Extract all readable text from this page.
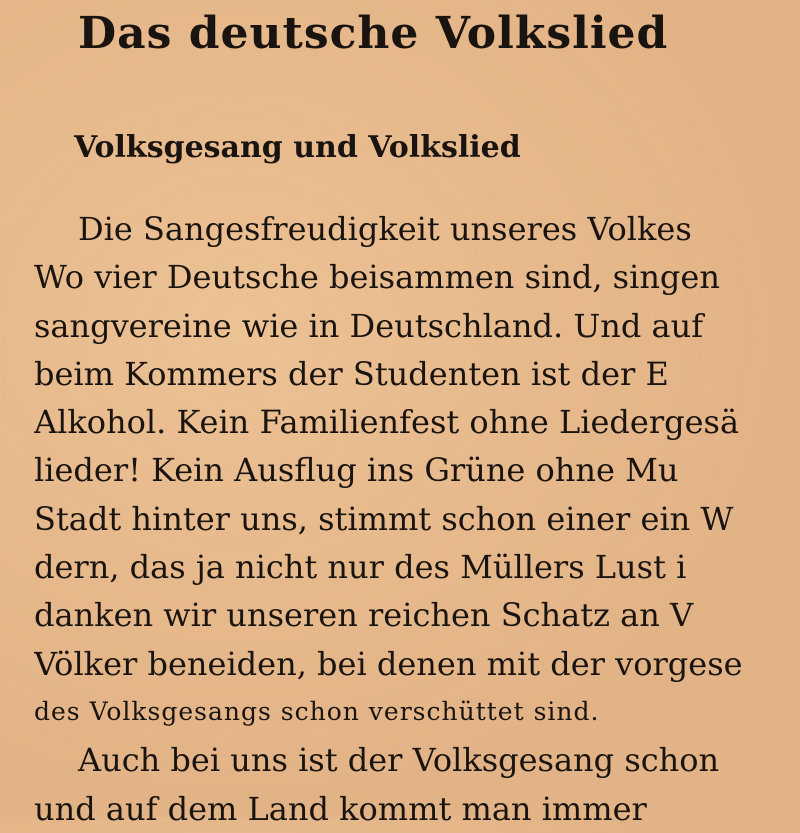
Das deutsche Volkslied
Volksgesang und Volkslied
Die Sangesfreudigkeit unseres Volkes
Wo vier Deutsche beisammen sind, singen
sangvereine wie in Deutschland. Und auf
beim Kommers der Studenten ist der E
Alkohol. Kein Familienfest ohne Liedergesä
lieder! Kein Ausflug ins Grüne ohne Mu
Stadt hinter uns, stimmt schon einer ein W
dern, das ja nicht nur des Müllers Lust i
danken wir unseren reichen Schatz an V
Völker beneiden, bei denen mit der vorgese
des Volksgesangs schon verschüttet sind.
Auch bei uns ist der Volksgesang schon
und auf dem Land kommt man immer
